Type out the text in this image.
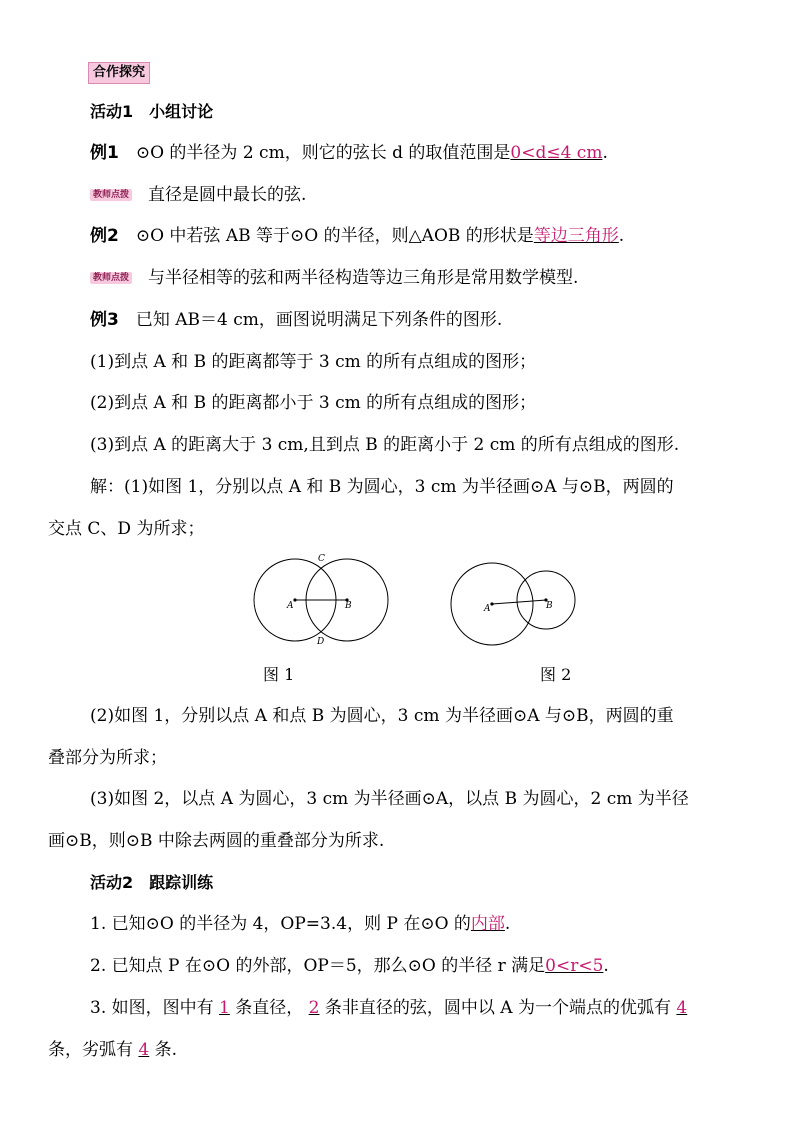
合作探究
活动1　小组讨论
例1　 ⊙O 的半径为 2 cm，则它的弦长 d 的取值范围是0<d≤4 cm.
教师点拨 直径是圆中最长的弦.
例2　 ⊙O 中若弦 AB 等于⊙O 的半径，则△AOB 的形状是等边三角形.
教师点拨 与半径相等的弦和两半径构造等边三角形是常用数学模型.
例3　 已知 AB＝4 cm，画图说明满足下列条件的图形.
(1)到点 A 和 B 的距离都等于 3 cm 的所有点组成的图形；
(2)到点 A 和 B 的距离都小于 3 cm 的所有点组成的图形；
(3)到点 A 的距离大于 3 cm,且到点 B 的距离小于 2 cm 的所有点组成的图形.
解：(1)如图 1，分别以点 A 和 B 为圆心，3 cm 为半径画⊙A 与⊙B，两圆的
交点 C、D 为所求；
A	B
C
D
图 1
A	B
图 2
(2)如图 1，分别以点 A 和点 B 为圆心，3 cm 为半径画⊙A 与⊙B，两圆的重
叠部分为所求；
(3)如图 2，以点 A 为圆心，3 cm 为半径画⊙A，以点 B 为圆心，2 cm 为半径
画⊙B，则⊙B 中除去两圆的重叠部分为所求.
活动2　跟踪训练
1. 已知⊙O 的半径为 4，OP=3.4，则 P 在⊙O 的内部.
2. 已知点 P 在⊙O 的外部，OP＝5，那么⊙O 的半径 r 满足0<r<5.
3. 如图，图中有 1 条直径， 2 条非直径的弦，圆中以 A 为一个端点的优弧有 4
条，劣弧有 4 条.
